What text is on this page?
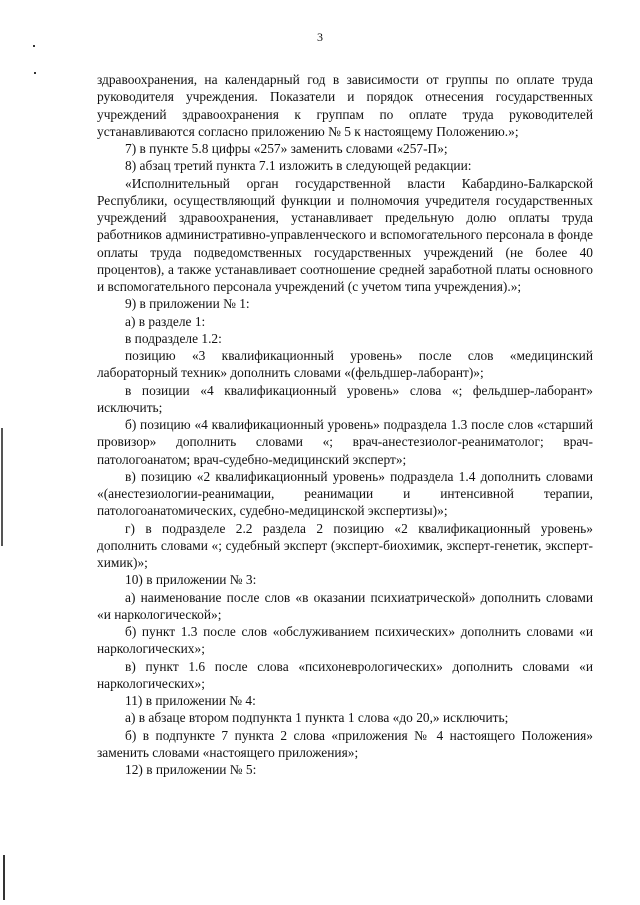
3

здравоохранения, на календарный год в зависимости от группы по оплате труда руководителя учреждения. Показатели и порядок отнесения государственных учреждений здравоохранения к группам по оплате труда руководителей устанавливаются согласно приложению № 5 к настоящему Положению.»;

7) в пункте 5.8 цифры «257» заменить словами «257-П»;

8) абзац третий пункта 7.1 изложить в следующей редакции:

«Исполнительный орган государственной власти Кабардино-Балкарской Республики, осуществляющий функции и полномочия учредителя государственных учреждений здравоохранения, устанавливает предельную долю оплаты труда работников административно-управленческого и вспомогательного персонала в фонде оплаты труда подведомственных государственных учреждений (не более 40 процентов), а также устанавливает соотношение средней заработной платы основного и вспомогательного персонала учреждений (с учетом типа учреждения).»;

9) в приложении № 1:

а) в разделе 1:

в подразделе 1.2:

позицию «3 квалификационный уровень» после слов «медицинский лабораторный техник» дополнить словами «(фельдшер-лаборант)»;

в позиции «4 квалификационный уровень» слова «; фельдшер-лаборант» исключить;

б) позицию «4 квалификационный уровень» подраздела 1.3 после слов «старший провизор» дополнить словами «; врач-анестезиолог-реаниматолог; врач-патологоанатом; врач-судебно-медицинский эксперт»;

в) позицию «2 квалификационный уровень» подраздела 1.4 дополнить словами «(анестезиологии-реанимации, реанимации и интенсивной терапии, патологоанатомических, судебно-медицинской экспертизы)»;

г) в подразделе 2.2 раздела 2 позицию «2 квалификационный уровень» дополнить словами «; судебный эксперт (эксперт-биохимик, эксперт-генетик, эксперт-химик)»;

10) в приложении № 3:

а) наименование после слов «в оказании психиатрической» дополнить словами «и наркологической»;

б) пункт 1.3 после слов «обслуживанием психических» дополнить словами «и наркологических»;

в) пункт 1.6 после слова «психоневрологических» дополнить словами «и наркологических»;

11) в приложении № 4:

а) в абзаце втором подпункта 1 пункта 1 слова «до 20,» исключить;

б) в подпункте 7 пункта 2 слова «приложения № 4 настоящего Положения» заменить словами «настоящего приложения»;

12) в приложении № 5:
